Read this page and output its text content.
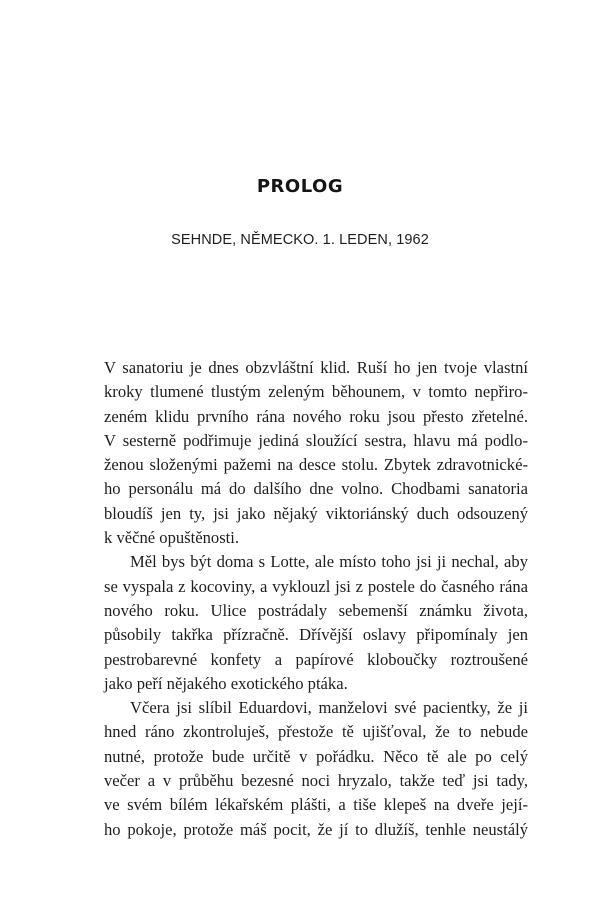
PROLOG
SEHNDE, NĚMECKO. 1. LEDEN, 1962

V sanatoriu je dnes obzvláštní klid. Ruší ho jen tvoje vlastní
kroky tlumené tlustým zeleným běhounem, v tomto nepřiro-
zeném klidu prvního rána nového roku jsou přesto zřetelné.
V sesterně podřimuje jediná sloužící sestra, hlavu má podlo-
ženou složenými pažemi na desce stolu. Zbytek zdravotnické-
ho personálu má do dalšího dne volno. Chodbami sanatoria
bloudíš jen ty, jsi jako nějaký viktoriánský duch odsouzený
k věčné opuštěnosti.

Měl bys být doma s Lotte, ale místo toho jsi ji nechal, aby
se vyspala z kocoviny, a vyklouzl jsi z postele do časného rána
nového roku. Ulice postrádaly sebemenší známku života,
působily takřka přízračně. Dřívější oslavy připomínaly jen
pestrobarevné konfety a papírové kloboučky roztroušené
jako peří nějakého exotického ptáka.

Včera jsi slíbil Eduardovi, manželovi své pacientky, že ji
hned ráno zkontroluješ, přestože tě ujišťoval, že to nebude
nutné, protože bude určitě v pořádku. Něco tě ale po celý
večer a v průběhu bezesné noci hryzalo, takže teď jsi tady,
ve svém bílém lékařském plášti, a tiše klepeš na dveře její-
ho pokoje, protože máš pocit, že jí to dlužíš, tenhle neustálý
